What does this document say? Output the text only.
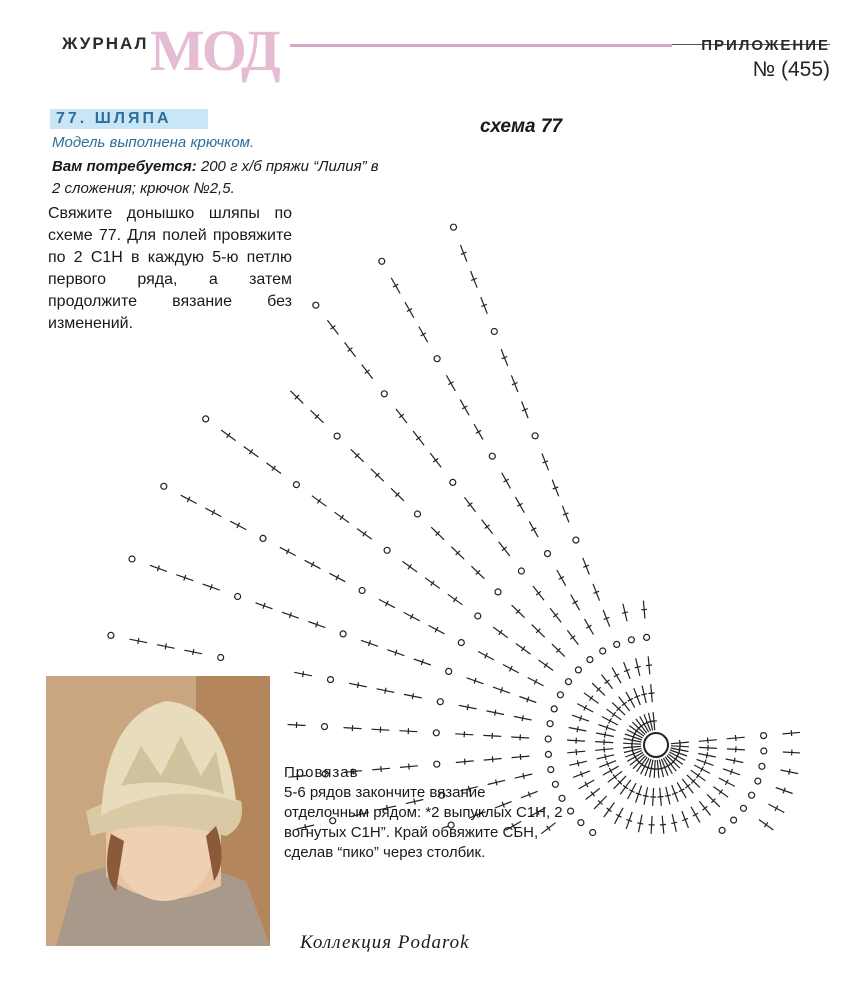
ЖУРНАЛ МОД	ПРИЛОЖЕНИЕ
№ (455)
77. ШЛЯПА
Модель выполнена крючком.
Вам потребуется: 200 г х/б пряжи “Лилия” в 2 сложения; крючок №2,5.
Свяжите донышко шляпы по схеме 77. Для полей провяжите по 2 С1Н в каждую 5-ю петлю первого ряда, а затем продолжите вязание без изменений.
схема 77
Провязав
5-6 рядов закончите вязание отделочным рядом: *2 выпуклых С1Н, 2 вогнутых С1Н”. Край обвяжите СБН, сделав “пико” через столбик.
Коллекция Podarok
